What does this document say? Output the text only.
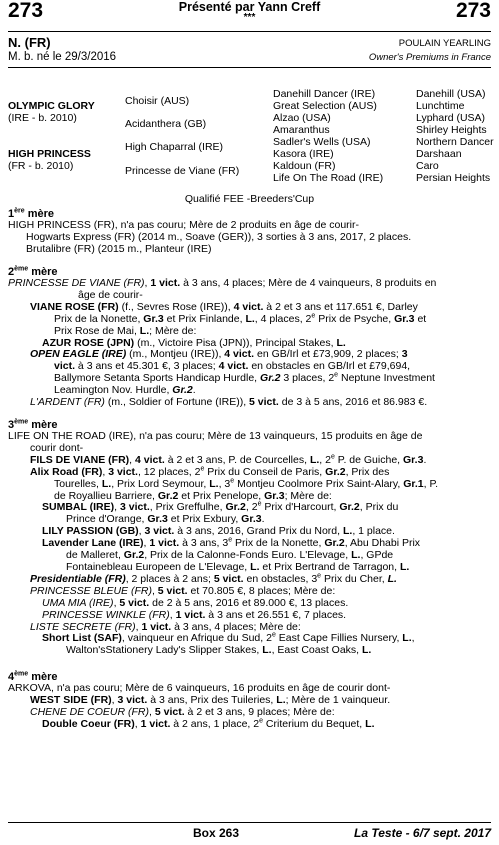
273	273
Présenté par Yann Creff
***
N. (FR)
M. b. né le 29/3/2016
POULAIN YEARLING
Owner's Premiums in France
OLYMPIC GLORY
(IRE - b. 2010)
HIGH PRINCESS
(FR - b. 2010)
Choisir (AUS)
Acidanthera (GB)
High Chaparral (IRE)
Princesse de Viane (FR)
Danehill Dancer (IRE)
Great Selection (AUS)
Alzao (USA)
Amaranthus
Sadler's Wells (USA)
Kasora (IRE)
Kaldoun (FR)
Life On The Road (IRE)
Danehill (USA)
Lunchtime
Lyphard (USA)
Shirley Heights
Northern Dancer
Darshaan
Caro
Persian Heights
Qualifié FEE -Breeders'Cup
1ère mère
HIGH PRINCESS (FR), n'a pas couru; Mère de 2 produits en âge de courir-
Hogwarts Express (FR) (2014 m., Soave (GER)), 3 sorties à 3 ans, 2017, 2 places.
Brutalibre (FR) (2015 m., Planteur (IRE)
2ème mère
PRINCESSE DE VIANE (FR), 1 vict. à 3 ans, 4 places; Mère de 4 vainqueurs, 8 produits en
âge de courir-
VIANE ROSE (FR) (f., Sevres Rose (IRE)), 4 vict. à 2 et 3 ans et 117.651 €, Darley
Prix de la Nonette, Gr.3 et Prix Finlande, L., 4 places, 2e Prix de Psyche, Gr.3 et
Prix Rose de Mai, L.; Mère de:
AZUR ROSE (JPN) (m., Victoire Pisa (JPN)), Principal Stakes, L.
OPEN EAGLE (IRE) (m., Montjeu (IRE)), 4 vict. en GB/Irl et £73,909, 2 places; 3
vict. à 3 ans et 45.301 €, 3 places; 4 vict. en obstacles en GB/Irl et £79,694,
Ballymore Setanta Sports Handicap Hurdle, Gr.2 3 places, 2e Neptune Investment
Leamington Nov. Hurdle, Gr.2.
L'ARDENT (FR) (m., Soldier of Fortune (IRE)), 5 vict. de 3 à 5 ans, 2016 et 86.983 €.
3ème mère
LIFE ON THE ROAD (IRE), n'a pas couru; Mère de 13 vainqueurs, 15 produits en âge de
courir dont-
FILS DE VIANE (FR), 4 vict. à 2 et 3 ans, P. de Courcelles, L., 2e P. de Guiche, Gr.3.
Alix Road (FR), 3 vict., 12 places, 2e Prix du Conseil de Paris, Gr.2, Prix des
Tourelles, L., Prix Lord Seymour, L., 3e Montjeu Coolmore Prix Saint-Alary, Gr.1, P.
de Royallieu Barriere, Gr.2 et Prix Penelope, Gr.3; Mère de:
SUMBAL (IRE), 3 vict., Prix Greffulhe, Gr.2, 2e Prix d'Harcourt, Gr.2, Prix du
Prince d'Orange, Gr.3 et Prix Exbury, Gr.3.
LILY PASSION (GB), 3 vict. à 3 ans, 2016, Grand Prix du Nord, L., 1 place.
Lavender Lane (IRE), 1 vict. à 3 ans, 3e Prix de la Nonette, Gr.2, Abu Dhabi Prix
de Malleret, Gr.2, Prix de la Calonne-Fonds Euro. L'Elevage, L., GPde
Fontainebleau Europeen de L'Elevage, L. et Prix Bertrand de Tarragon, L.
Presidentiable (FR), 2 places à 2 ans; 5 vict. en obstacles, 3e Prix du Cher, L.
PRINCESSE BLEUE (FR), 5 vict. et 70.805 €, 8 places; Mère de:
UMA MIA (IRE), 5 vict. de 2 à 5 ans, 2016 et 89.000 €, 13 places.
PRINCESSE WINKLE (FR), 1 vict. à 3 ans et 26.551 €, 7 places.
LISTE SECRETE (FR), 1 vict. à 3 ans, 4 places; Mère de:
Short List (SAF), vainqueur en Afrique du Sud, 2e East Cape Fillies Nursery, L.,
Walton'sStationery Lady's Slipper Stakes, L., East Coast Oaks, L.
4ème mère
ARKOVA, n'a pas couru; Mère de 6 vainqueurs, 16 produits en âge de courir dont-
WEST SIDE (FR), 3 vict. à 3 ans, Prix des Tuileries, L.; Mère de 1 vainqueur.
CHENE DE COEUR (FR), 5 vict. à 2 et 3 ans, 9 places; Mère de:
Double Coeur (FR), 1 vict. à 2 ans, 1 place, 2e Criterium du Bequet, L.
Box 263	La Teste - 6/7 sept. 2017
